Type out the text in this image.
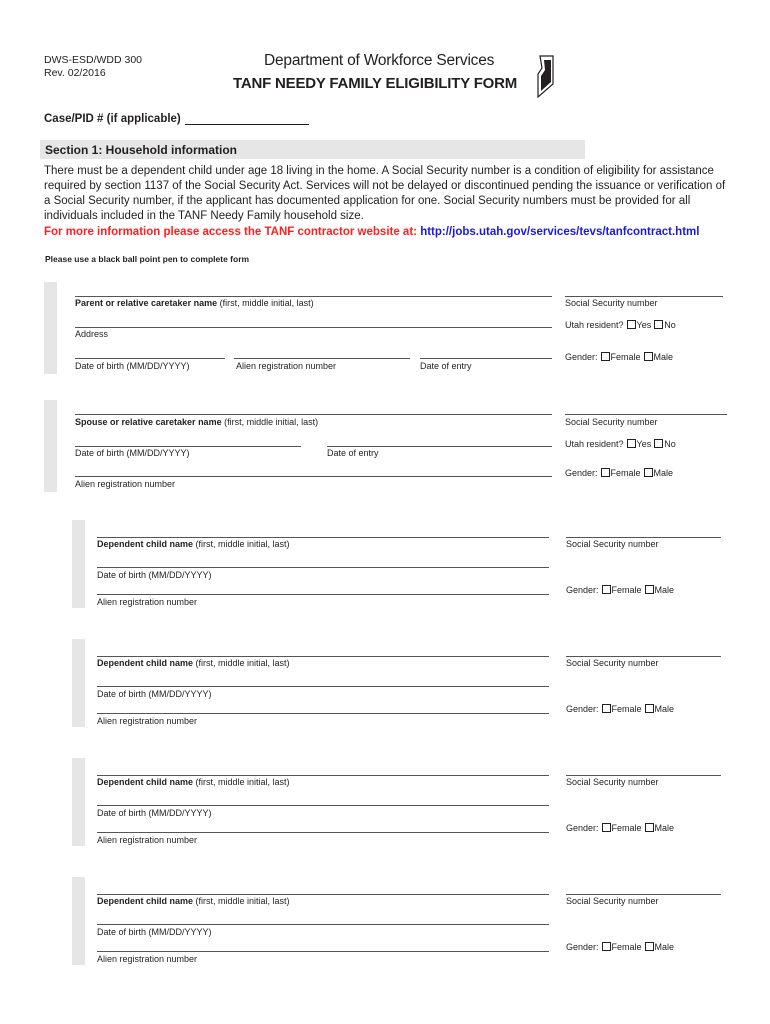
DWS-ESD/WDD 300
Rev. 02/2016
Department of Workforce Services
TANF NEEDY FAMILY ELIGIBILITY FORM
Case/PID # (if applicable)
Section 1: Household information
There must be a dependent child under age 18 living in the home. A Social Security number is a condition of eligibility for assistance required by section 1137 of the Social Security Act. Services will not be delayed or discontinued pending the issuance or verification of a Social Security number, if the applicant has documented application for one. Social Security numbers must be provided for all individuals included in the TANF Needy Family household size.
For more information please access the TANF contractor website at: http://jobs.utah.gov/services/tevs/tanfcontract.html
Please use a black ball point pen to complete form
Parent or relative caretaker name (first, middle initial, last)	Social Security number
Utah resident? Yes No
Address
Gender: Female Male
Date of birth (MM/DD/YYYY)	Alien registration number	Date of entry
Spouse or relative caretaker name (first, middle initial, last)	Social Security number
Utah resident? Yes No
Date of birth (MM/DD/YYYY)	Date of entry
Gender: Female Male
Alien registration number
Dependent child name (first, middle initial, last)	Social Security number
Date of birth (MM/DD/YYYY)
Gender: Female Male
Alien registration number
Dependent child name (first, middle initial, last)	Social Security number
Date of birth (MM/DD/YYYY)
Gender: Female Male
Alien registration number
Dependent child name (first, middle initial, last)	Social Security number
Date of birth (MM/DD/YYYY)
Gender: Female Male
Alien registration number
Dependent child name (first, middle initial, last)	Social Security number
Date of birth (MM/DD/YYYY)
Gender: Female Male
Alien registration number
